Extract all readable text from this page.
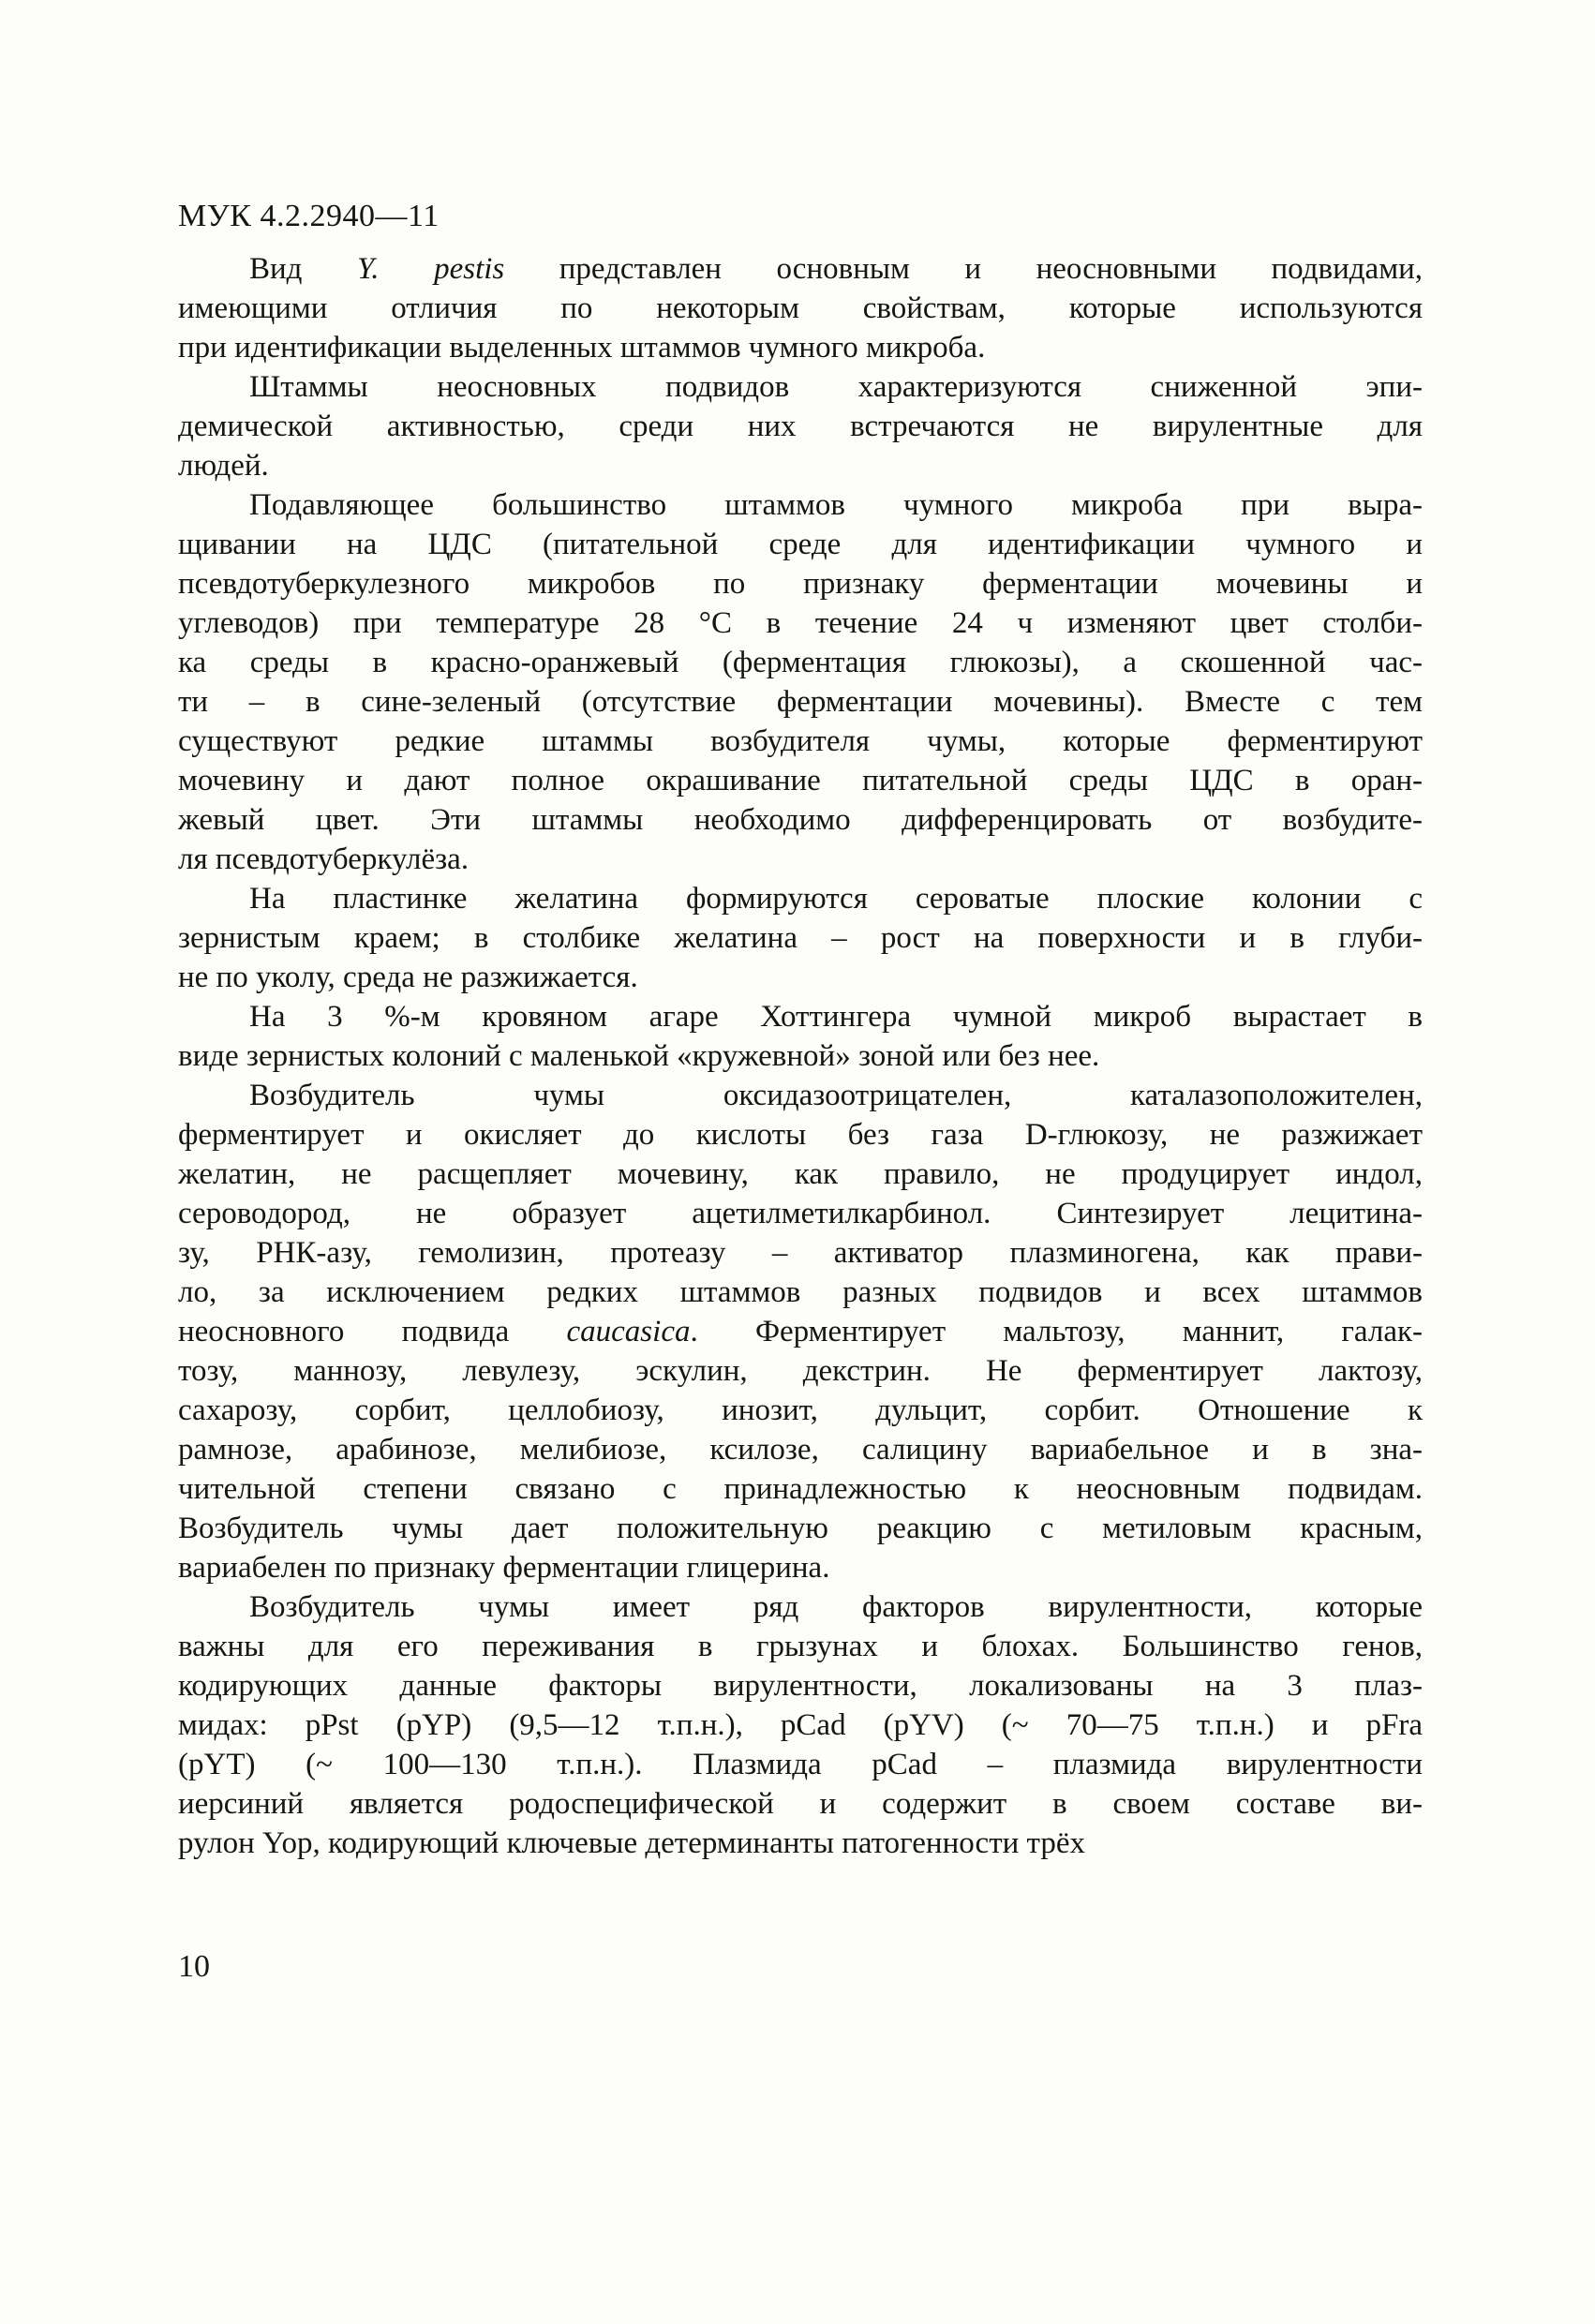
МУК 4.2.2940—11
Вид Y. pestis представлен основным и неосновными подвидами,
имеющими отличия по некоторым свойствам, которые используются
при идентификации выделенных штаммов чумного микроба.
Штаммы неосновных подвидов характеризуются сниженной эпи-
демической активностью, среди них встречаются не вирулентные для
людей.
Подавляющее большинство штаммов чумного микроба при выра-
щивании на ЦДС (питательной среде для идентификации чумного и
псевдотуберкулезного микробов по признаку ферментации мочевины и
углеводов) при температуре 28 °С в течение 24 ч изменяют цвет столби-
ка среды в красно-оранжевый (ферментация глюкозы), а скошенной час-
ти – в сине-зеленый (отсутствие ферментации мочевины). Вместе с тем
существуют редкие штаммы возбудителя чумы, которые ферментируют
мочевину и дают полное окрашивание питательной среды ЦДС в оран-
жевый цвет. Эти штаммы необходимо дифференцировать от возбудите-
ля псевдотуберкулёза.
На пластинке желатина формируются сероватые плоские колонии с
зернистым краем; в столбике желатина – рост на поверхности и в глуби-
не по уколу, среда не разжижается.
На 3 %-м кровяном агаре Хоттингера чумной микроб вырастает в
виде зернистых колоний с маленькой «кружевной» зоной или без нее.
Возбудитель чумы оксидазоотрицателен, каталазоположителен,
ферментирует и окисляет до кислоты без газа D-глюкозу, не разжижает
желатин, не расщепляет мочевину, как правило, не продуцирует индол,
сероводород, не образует ацетилметилкарбинол. Синтезирует лецитина-
зу, РНК-азу, гемолизин, протеазу – активатор плазминогена, как прави-
ло, за исключением редких штаммов разных подвидов и всех штаммов
неосновного подвида caucasica. Ферментирует мальтозу, маннит, галак-
тозу, маннозу, левулезу, эскулин, декстрин. Не ферментирует лактозу,
сахарозу, сорбит, целлобиозу, инозит, дульцит, сорбит. Отношение к
рамнозе, арабинозе, мелибиозе, ксилозе, салицину вариабельное и в зна-
чительной степени связано с принадлежностью к неосновным подвидам.
Возбудитель чумы дает положительную реакцию с метиловым красным,
вариабелен по признаку ферментации глицерина.
Возбудитель чумы имеет ряд факторов вирулентности, которые
важны для его переживания в грызунах и блохах. Большинство генов,
кодирующих данные факторы вирулентности, локализованы на 3 плаз-
мидах: pPst (pYP) (9,5—12 т.п.н.), pCad (pYV) (~ 70—75 т.п.н.) и pFra
(pYT) (~ 100—130 т.п.н.). Плазмида pCad – плазмида вирулентности
иерсиний является родоспецифической и содержит в своем составе ви-
рулон Yop, кодирующий ключевые детерминанты патогенности трёх
10
